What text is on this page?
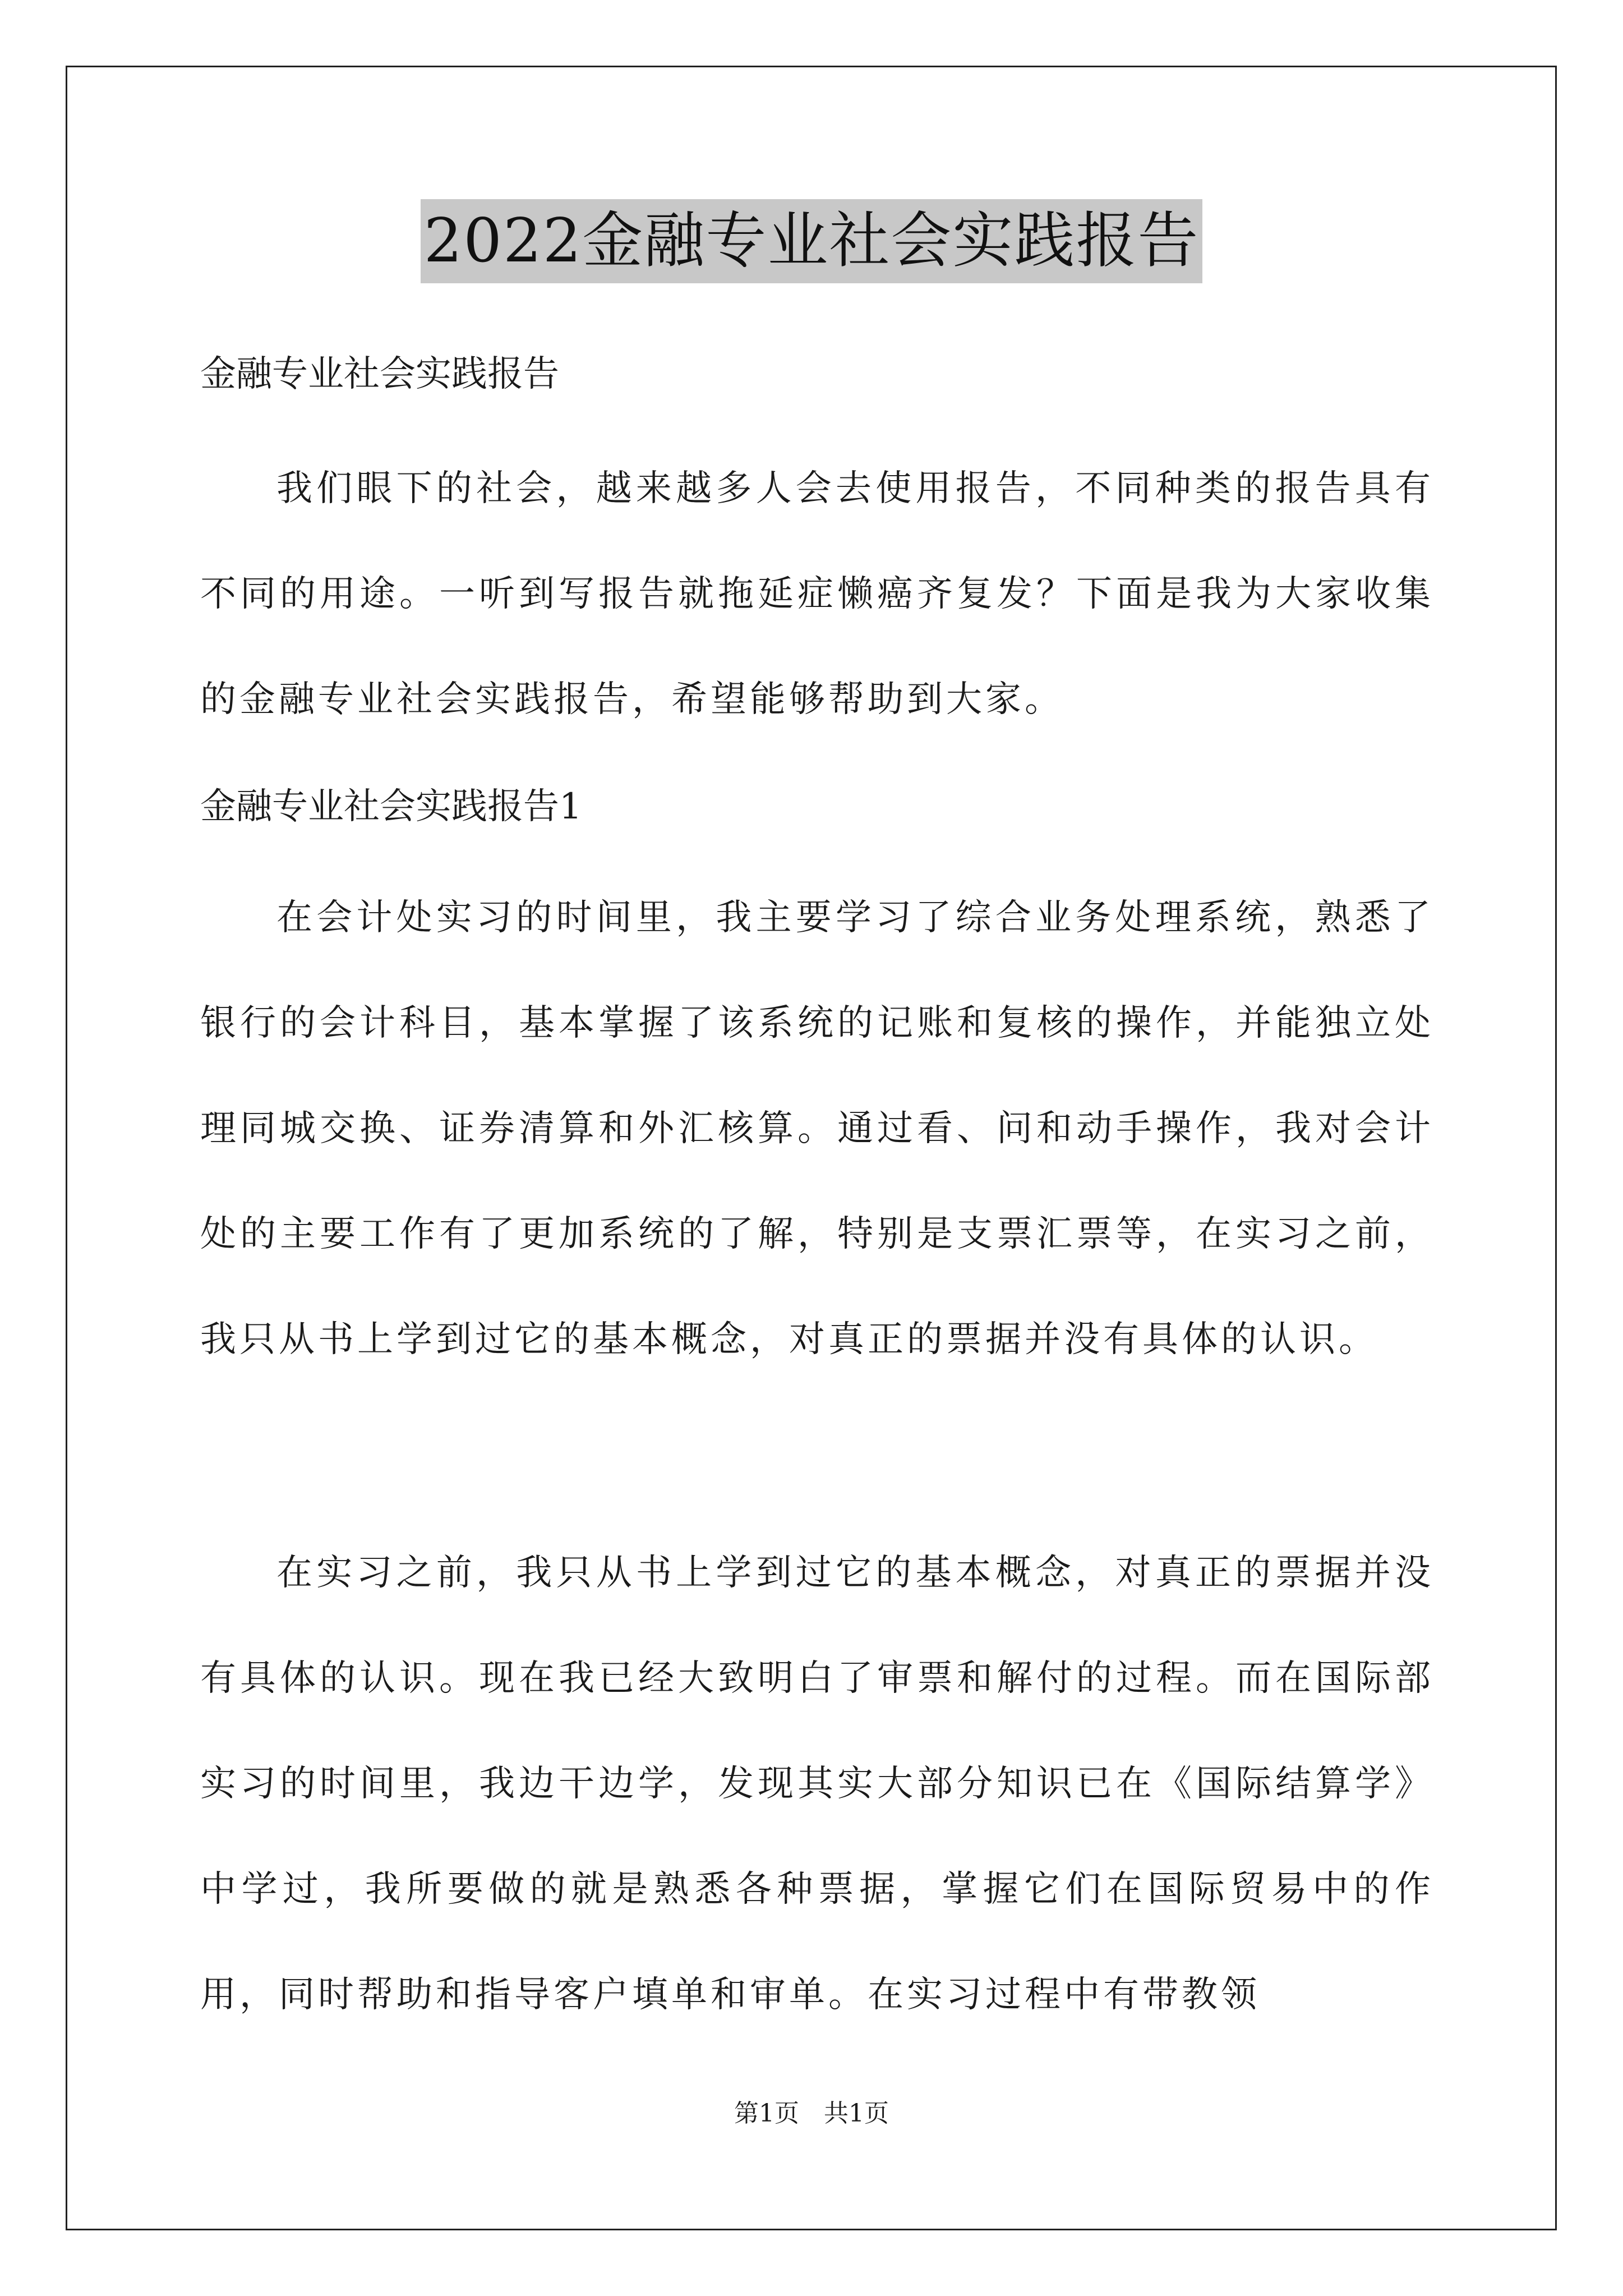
2022金融专业社会实践报告
金融专业社会实践报告
我们眼下的社会，越来越多人会去使用报告，不同种类的报告具有不同的用途。一听到写报告就拖延症懒癌齐复发？下面是我为大家收集的金融专业社会实践报告，希望能够帮助到大家。
金融专业社会实践报告1
在会计处实习的时间里，我主要学习了综合业务处理系统，熟悉了银行的会计科目，基本掌握了该系统的记账和复核的操作，并能独立处理同城交换、证券清算和外汇核算。通过看、问和动手操作，我对会计处的主要工作有了更加系统的了解，特别是支票汇票等，在实习之前，我只从书上学到过它的基本概念，对真正的票据并没有具体的认识。
在实习之前，我只从书上学到过它的基本概念，对真正的票据并没有具体的认识。现在我已经大致明白了审票和解付的过程。而在国际部实习的时间里，我边干边学，发现其实大部分知识已在《国际结算学》中学过，我所要做的就是熟悉各种票据，掌握它们在国际贸易中的作用，同时帮助和指导客户填单和审单。在实习过程中有带教领
第1页 共1页
